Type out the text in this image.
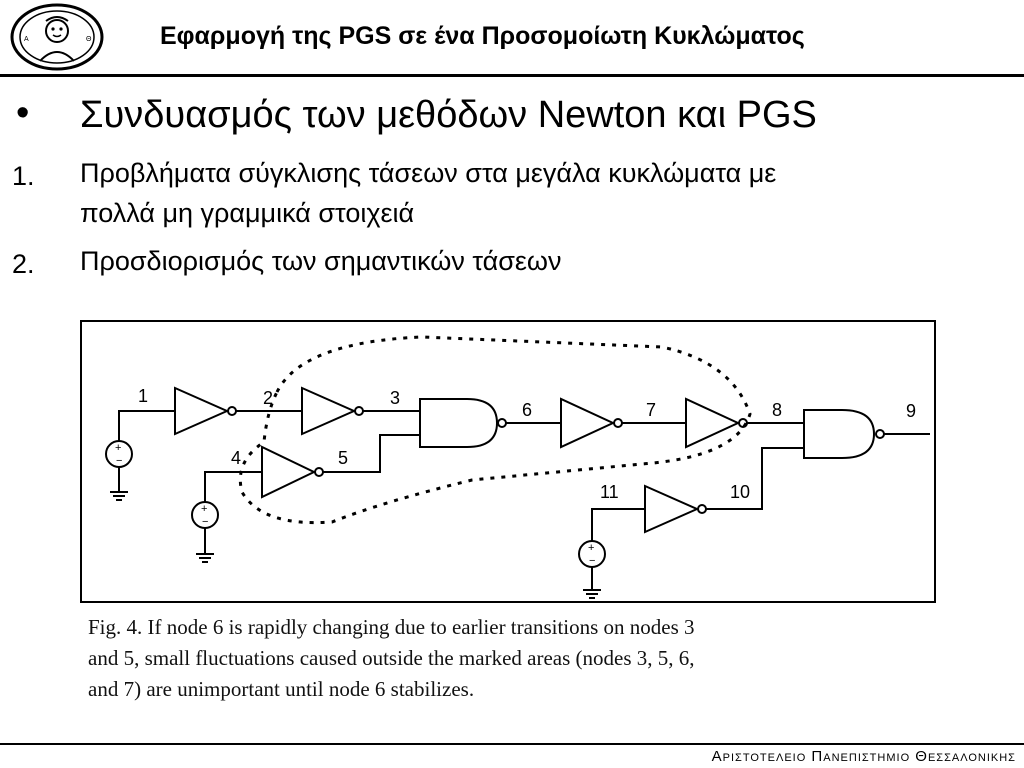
A	Θ	Εφαρμογή της PGS σε ένα Προσομοίωτη Κυκλώματος
• Συνδυασμός των μεθόδων Newton και PGS
1. Προβλήματα σύγκλισης τάσεων στα μεγάλα κυκλώματα με
πολλά μη γραμμικά στοιχειά
2. Προσδιορισμός των σημαντικών τάσεων
+
−
+
−
+
−
1	2	3
4	5
6	7	8	9
10
11
Fig. 4. If node 6 is rapidly changing due to earlier transitions on nodes 3
and 5, small fluctuations caused outside the marked areas (nodes 3, 5, 6,
and 7) are unimportant until node 6 stabilizes.
Αριστοτελειο Πανεπιστημιο Θεσσαλονικης
